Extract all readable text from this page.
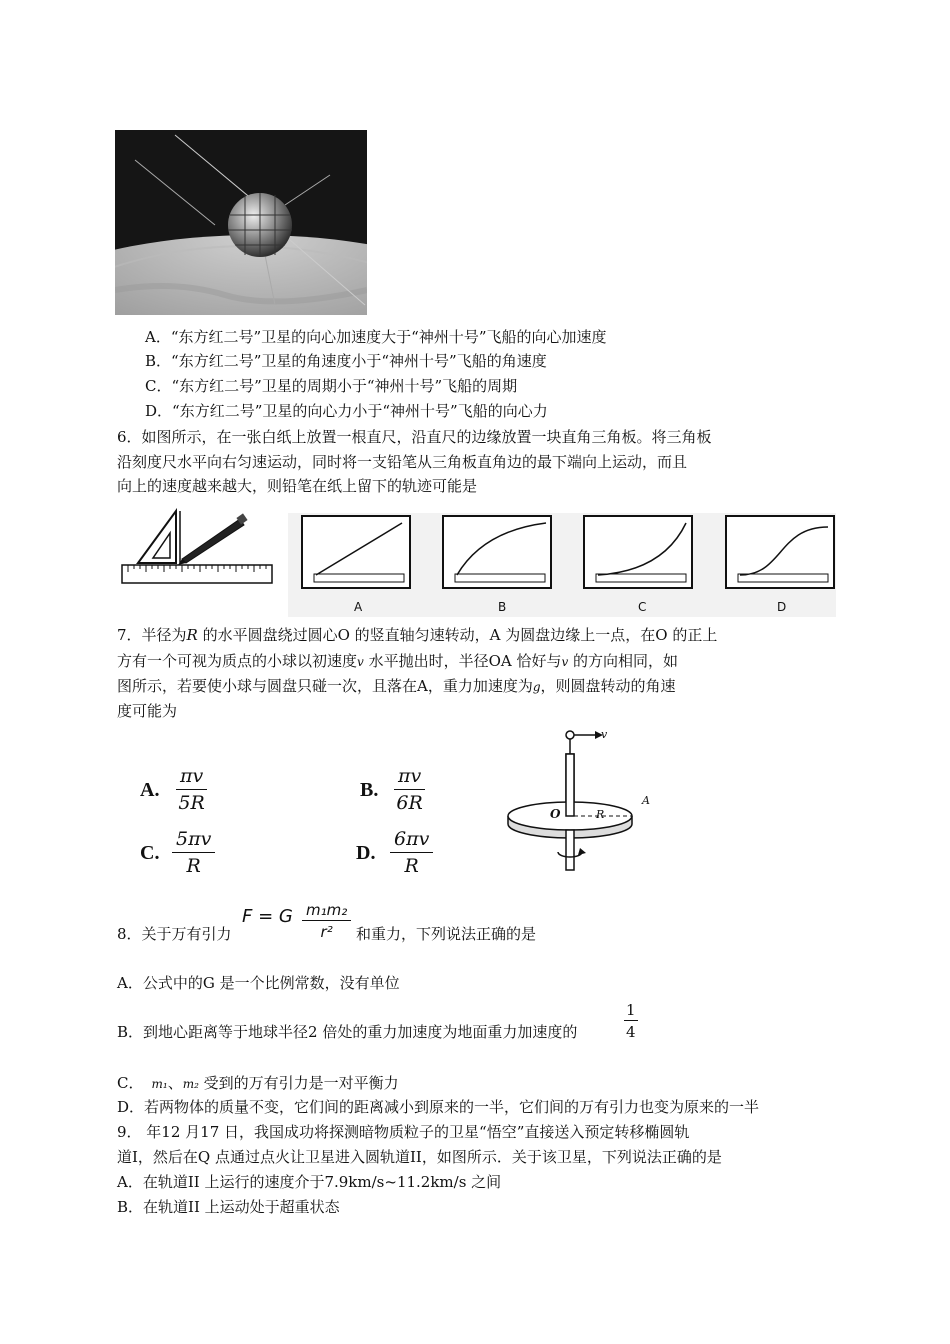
A．“东方红二号”卫星的向心加速度大于“神州十号”飞船的向心加速度
B．“东方红二号”卫星的角速度小于“神州十号”飞船的角速度
C．“东方红二号”卫星的周期小于“神州十号”飞船的周期
D．“东方红二号”卫星的向心力小于“神州十号”飞船的向心力
6．如图所示，在一张白纸上放置一根直尺，沿直尺的边缘放置一块直角三角板。将三角板
沿刻度尺水平向右匀速运动，同时将一支铅笔从三角板直角边的最下端向上运动，而且
向上的速度越来越大，则铅笔在纸上留下的轨迹可能是
A	B	C	D
7．半径为R 的水平圆盘绕过圆心O 的竖直轴匀速转动，A 为圆盘边缘上一点，在O 的正上
方有一个可视为质点的小球以初速度v 水平抛出时，半径OA 恰好与v 的方向相同，如
图所示，若要使小球与圆盘只碰一次，且落在A，重力加速度为g，则圆盘转动的角速
度可能为
A. $\frac{\pi v}{5R}$	B. $\frac{\pi v}{6R}$
C. $\frac{5\pi v}{R}$	D. $\frac{6\pi v}{R}$
v
O	R
A
8．关于万有引力
F = G $\frac{\text{m₁m₂}}{\text{r²}}$ 和重力，下列说法正确的是
A．公式中的G 是一个比例常数，没有单位
B．到地心距离等于地球半径2 倍处的重力加速度为地面重力加速度的	$\frac{1}{4}$
C． m₁、m₂ 受到的万有引力是一对平衡力
D．若两物体的质量不变，它们间的距离减小到原来的一半，它们间的万有引力也变为原来的一半
9． 年12 月17 日，我国成功将探测暗物质粒子的卫星“悟空”直接送入预定转移椭圆轨
道I，然后在Q 点通过点火让卫星进入圆轨道II，如图所示．关于该卫星，下列说法正确的是
A．在轨道II 上运行的速度介于7.9km/s~11.2km/s 之间
B．在轨道II 上运动处于超重状态
